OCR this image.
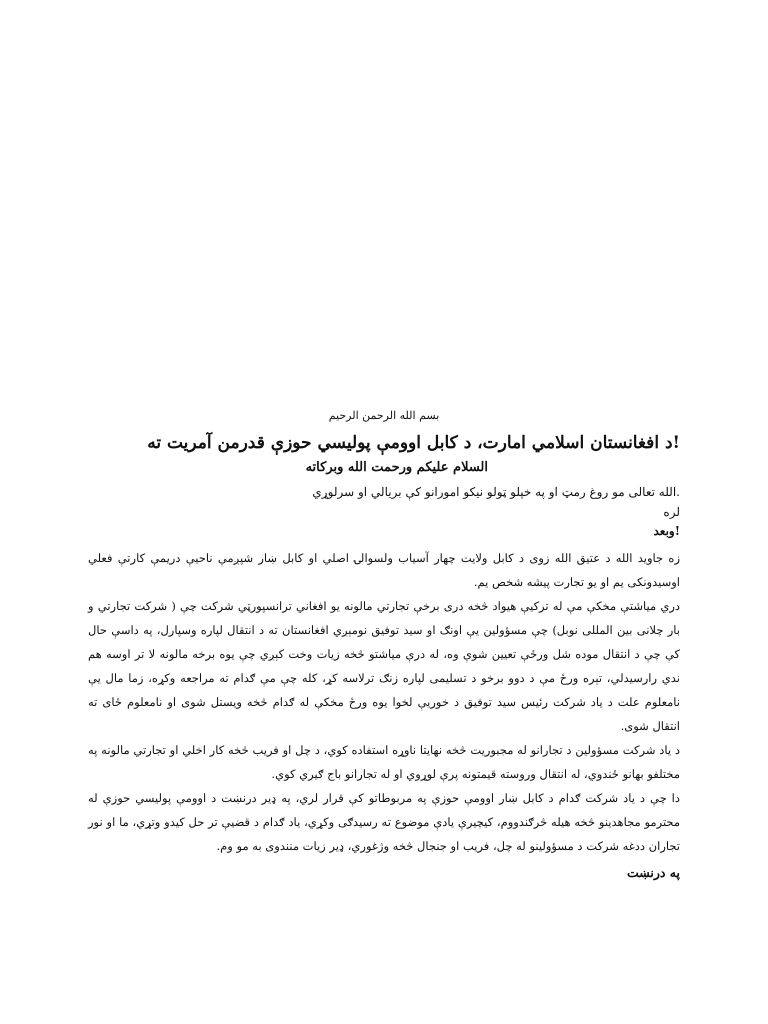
بسم الله الرحمن الرحيم

!د افغانستان اسلامي امارت، د کابل اوومې پولیسي حوزې قدرمن آمریت ته

السلام علیکم ورحمت الله وبرکاته

.الله تعالی مو روغ رمټ او په خپلو ټولو نیکو امورانو کې بریالي او سرلوړي لره

!وبعد

زه جاوید الله د عتیق الله زوی د کابل ولایت چهار آسیاب ولسوالۍ اصلي او کابل ښار شپږمې ناحیې دریمې کارتې فعلي اوسیدونکی یم او یو تجارت پیشه شخص یم.

دري میاشتې مخکې مې له ترکیې هیواد څخه دری برخې تجارتي مالونه یو افغاني ترانسپورټي شرکت چې ( شرکت تجارتي و بار چلانی بین المللی نوبل) چې مسؤولین یې اونګ او سید توفیق نومېږي افغانستان ته د انتقال لپاره وسپارل، په داسې حال کې چې د انتقال موده شل ورځې تعیین شوې وه، له درې میاشتو څخه زیات وخت کېږي چې یوه برخه مالونه لا تر اوسه هم ندي رارسیدلي، تېره ورځ مې د دوو برخو د تسلیمی لپاره زنګ ترلاسه کړ، کله چې مې ګدام ته مراجعه وکړه، زما مال یې نامعلوم علت د یاد شرکت رئیس سید توفیق د خوریې لخوا یوه ورځ مخکې له ګدام څخه ویستل شوی او نامعلوم ځای ته انتقال شوی.

د یاد شرکت مسؤولین د تجارانو له مجبوریت څخه نهایتا ناوړه استفاده کوي، د چل او فریب څخه کار اخلي او تجارتي مالونه په مختلفو بهانو ځندوي، له انتقال وروسته قیمتونه پرې لوړوي او له تجارانو باج ګیري کوي.

دا چې د یاد شرکت ګدام د کابل ښار اوومې حوزې په مربوطاتو کې قرار لري، په ډیر درنښت د اوومې پولیسي حوزې له محترمو مجاهدینو څخه هیله څرګندووم، کیچیرې یادې موضوع ته رسیدګی وکړي، یاد ګدام د قضیې تر حل کیدو وتړي، ما او نور تجاران ددغه شرکت د مسؤولینو له چل، فریب او جنجال څخه وژغوري، ډیر زیات منندوی به مو وم.

په درنښت
